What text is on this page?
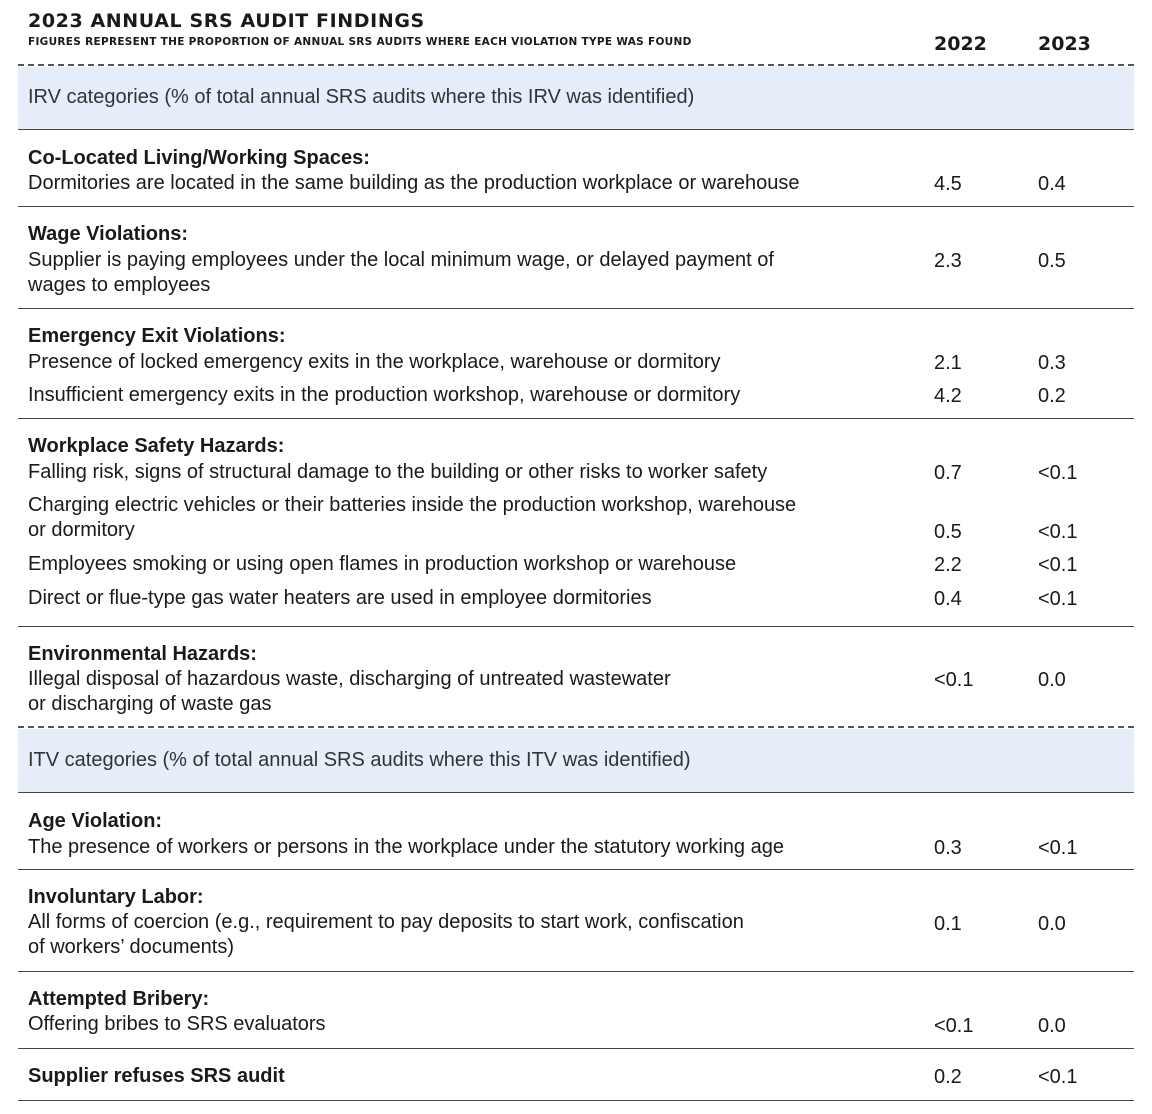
2023 ANNUAL SRS AUDIT FINDINGS
FIGURES REPRESENT THE PROPORTION OF ANNUAL SRS AUDITS WHERE EACH VIOLATION TYPE WAS FOUND	2022	2023
IRV categories (% of total annual SRS audits where this IRV was identified)
Co-Located Living/Working Spaces:
Dormitories are located in the same building as the production workplace or warehouse	4.5	0.4
Wage Violations:
Supplier is paying employees under the local minimum wage, or delayed payment of
wages to employees
2.3	0.5
Emergency Exit Violations:
Presence of locked emergency exits in the workplace, warehouse or dormitory	2.1	0.3
Insufficient emergency exits in the production workshop, warehouse or dormitory	4.2	0.2
Workplace Safety Hazards:
Falling risk, signs of structural damage to the building or other risks to worker safety	0.7	<0.1
Charging electric vehicles or their batteries inside the production workshop, warehouse
or dormitory	0.5	<0.1
Employees smoking or using open flames in production workshop or warehouse	2.2	<0.1
Direct or flue-type gas water heaters are used in employee dormitories	0.4	<0.1
Environmental Hazards:
Illegal disposal of hazardous waste, discharging of untreated wastewater
or discharging of waste gas
<0.1	0.0
ITV categories (% of total annual SRS audits where this ITV was identified)
Age Violation:
The presence of workers or persons in the workplace under the statutory working age	0.3	<0.1
Involuntary Labor:
All forms of coercion (e.g., requirement to pay deposits to start work, confiscation
of workers’ documents)
0.1	0.0
Attempted Bribery:
Offering bribes to SRS evaluators	<0.1	0.0
Supplier refuses SRS audit	0.2	<0.1
